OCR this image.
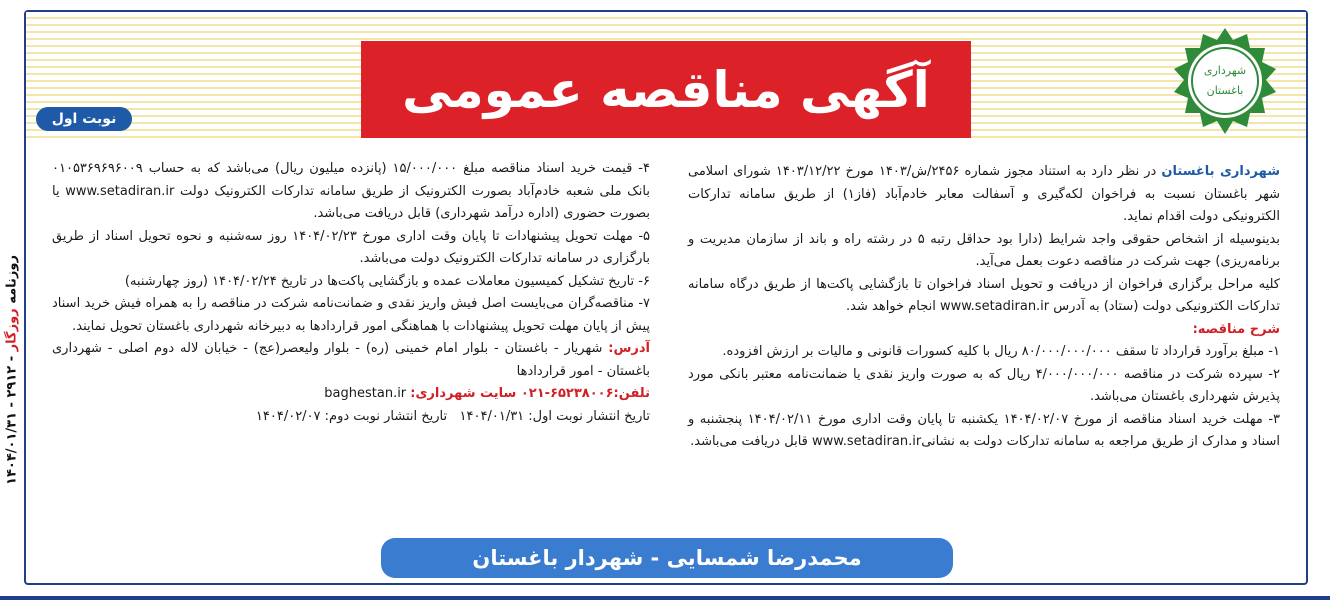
روزنامه روزگار - ۲۹۱۲ - ۱۴۰۴/۰۱/۳۱
آگهی مناقصه عمومی
نوبت اول
شهرداری
باغستان

شهرداری باغستان در نظر دارد به استناد مجوز شماره ۲۴۵۶/ش/۱۴۰۳ مورخ ۱۴۰۳/۱۲/۲۲ شورای اسلامی شهر باغستان نسبت به فراخوان لکه‌گیری و آسفالت معابر خادم‌آباد (فاز۱) از طریق سامانه تدارکات الکترونیکی دولت اقدام نماید.

بدینوسیله از اشخاص حقوقی واجد شرایط (دارا بود حداقل رتبه ۵ در رشته راه و باند از سازمان مدیریت و برنامه‌ریزی) جهت شرکت در مناقصه دعوت بعمل می‌آید.

کلیه مراحل برگزاری فراخوان از دریافت و تحویل اسناد فراخوان تا بازگشایی پاکت‌ها از طریق درگاه سامانه تدارکات الکترونیکی دولت (ستاد) به آدرس www.setadiran.ir انجام خواهد شد.

شرح مناقصه:

۱- مبلغ برآورد قرارداد تا سقف ۸۰/۰۰۰/۰۰۰/۰۰۰ ریال با کلیه کسورات قانونی و مالیات بر ارزش افزوده.

۲- سپرده شرکت در مناقصه ۴/۰۰۰/۰۰۰/۰۰۰ ریال که به صورت واریز نقدی یا ضمانت‌نامه معتبر بانکی مورد پذیرش شهرداری باغستان می‌باشد.

۳- مهلت خرید اسناد مناقصه از مورخ ۱۴۰۴/۰۲/۰۷ یکشنبه تا پایان وقت اداری مورخ ۱۴۰۴/۰۲/۱۱ پنجشنبه و اسناد و مدارک از طریق مراجعه به سامانه تدارکات دولت به نشانیwww.setadiran.ir قابل دریافت می‌باشد.

۴- قیمت خرید اسناد مناقصه مبلغ ۱۵/۰۰۰/۰۰۰ (پانزده میلیون ریال) می‌باشد که به حساب ۰۱۰۵۳۶۹۶۹۶۰۰۹ بانک ملی شعبه خادم‌آباد بصورت الکترونیک از طریق سامانه تدارکات الکترونیک دولت www.setadiran.ir یا بصورت حضوری (اداره درآمد شهرداری) قابل دریافت می‌باشد.

۵- مهلت تحویل پیشنهادات تا پایان وقت اداری مورخ ۱۴۰۴/۰۲/۲۳ روز سه‌شنبه و نحوه تحویل اسناد از طریق بارگزاری در سامانه تدارکات الکترونیک دولت می‌باشد.

۶- تاریخ تشکیل کمیسیون معاملات عمده و بازگشایی پاکت‌ها در تاریخ ۱۴۰۴/۰۲/۲۴ (روز چهارشنبه)

۷- مناقصه‌گران می‌بایست اصل فیش واریز نقدی و ضمانت‌نامه شرکت در مناقصه را به همراه فیش خرید اسناد پیش از پایان مهلت تحویل پیشنهادات با هماهنگی امور قراردادها به دبیرخانه شهرداری باغستان تحویل نمایند.

آدرس: شهریار - باغستان - بلوار امام خمینی (ره) - بلوار ولیعصر(عج) - خیابان لاله دوم اصلی - شهرداری باغستان - امور قراردادها

تلفن:۶۵۲۳۸۰۰۶-۰۲۱ سایت شهرداری: baghestan.ir

تاریخ انتشار نوبت اول: ۱۴۰۴/۰۱/۳۱   تاریخ انتشار نوبت دوم: ۱۴۰۴/۰۲/۰۷

محمدرضا شمسایی - شهردار باغستان
